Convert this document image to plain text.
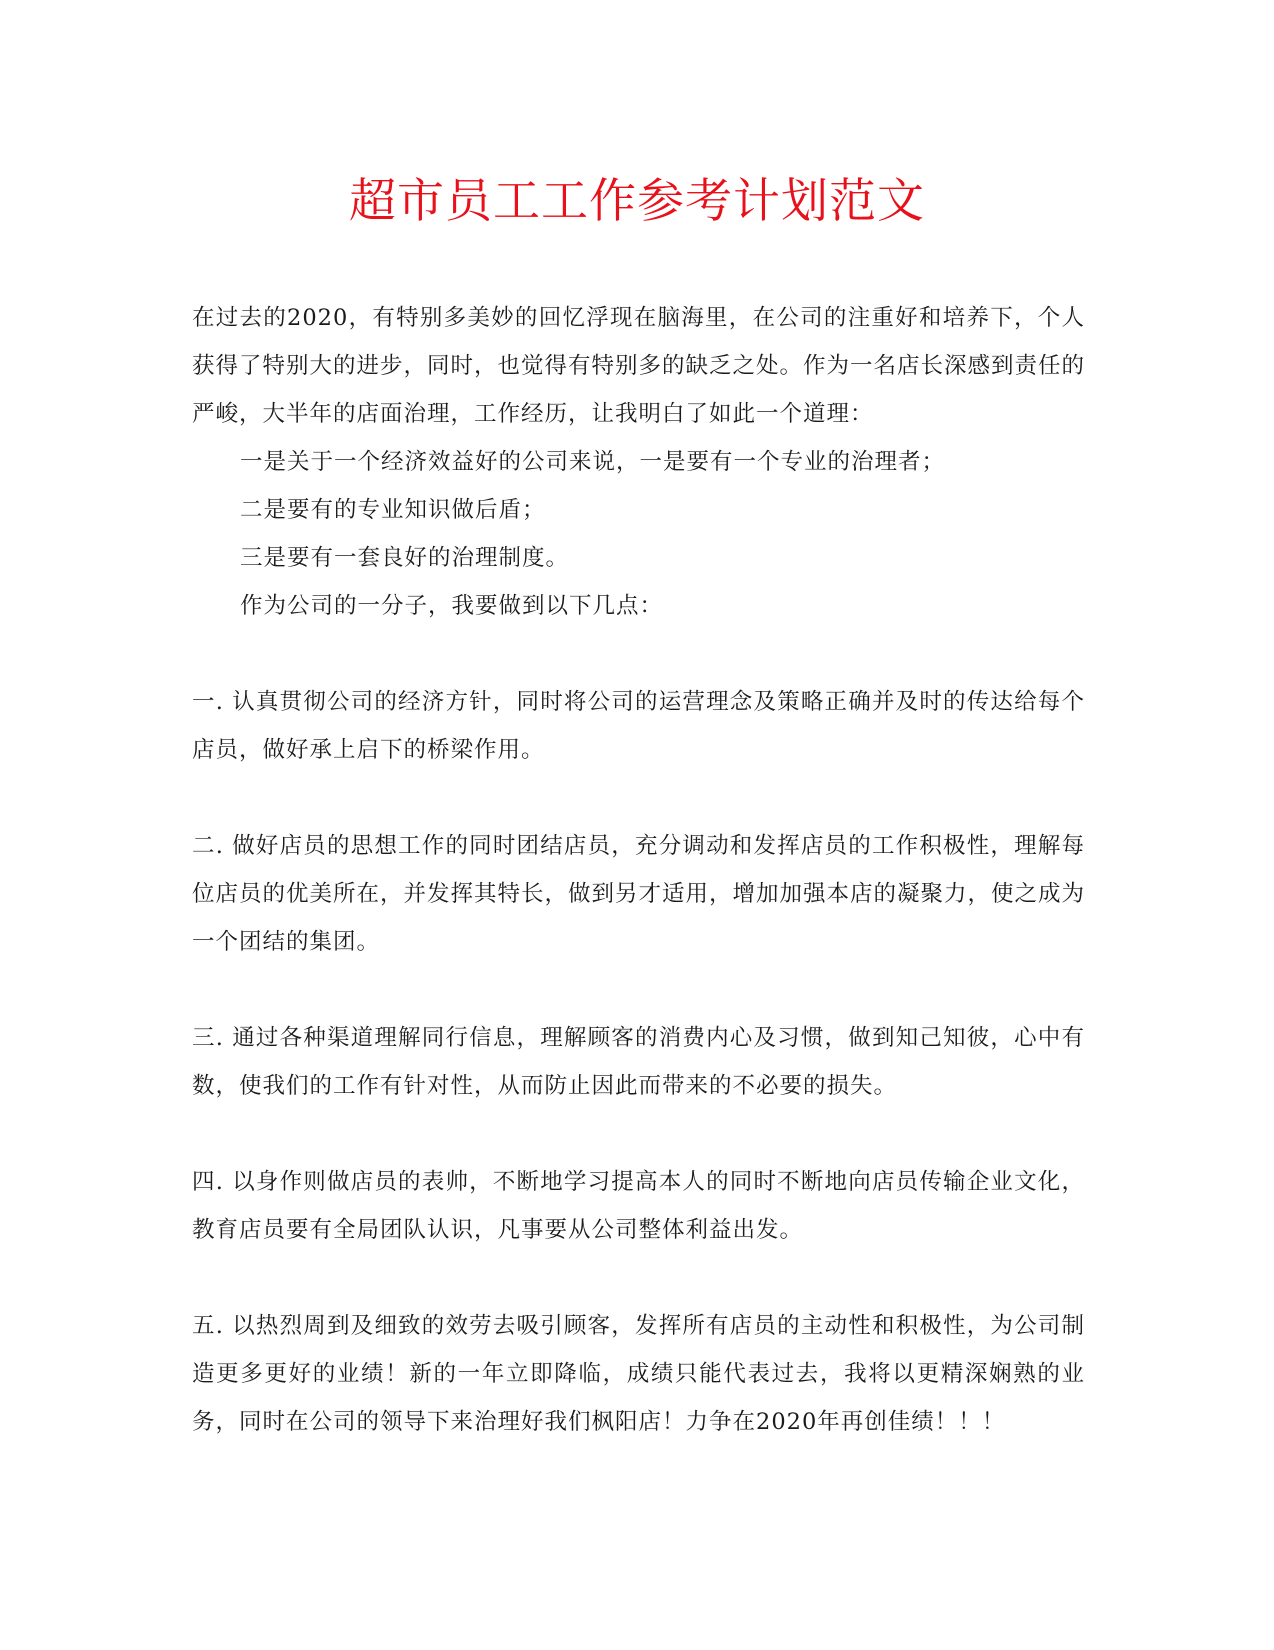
超市员工工作参考计划范文

在过去的2020，有特别多美妙的回忆浮现在脑海里，在公司的注重好和培养下，个人获得了特别大的进步，同时，也觉得有特别多的缺乏之处。作为一名店长深感到责任的严峻，大半年的店面治理，工作经历，让我明白了如此一个道理：

一是关于一个经济效益好的公司来说，一是要有一个专业的治理者；

二是要有的专业知识做后盾；

三是要有一套良好的治理制度。

作为公司的一分子，我要做到以下几点：

一. 认真贯彻公司的经济方针，同时将公司的运营理念及策略正确并及时的传达给每个店员，做好承上启下的桥梁作用。

二. 做好店员的思想工作的同时团结店员，充分调动和发挥店员的工作积极性，理解每位店员的优美所在，并发挥其特长，做到另才适用，增加加强本店的凝聚力，使之成为一个团结的集团。

三. 通过各种渠道理解同行信息，理解顾客的消费内心及习惯，做到知己知彼，心中有数，使我们的工作有针对性，从而防止因此而带来的不必要的损失。

四. 以身作则做店员的表帅，不断地学习提高本人的同时不断地向店员传输企业文化，教育店员要有全局团队认识，凡事要从公司整体利益出发。

五. 以热烈周到及细致的效劳去吸引顾客，发挥所有店员的主动性和积极性，为公司制造更多更好的业绩！新的一年立即降临，成绩只能代表过去，我将以更精深娴熟的业务，同时在公司的领导下来治理好我们枫阳店！力争在2020年再创佳绩！！！
